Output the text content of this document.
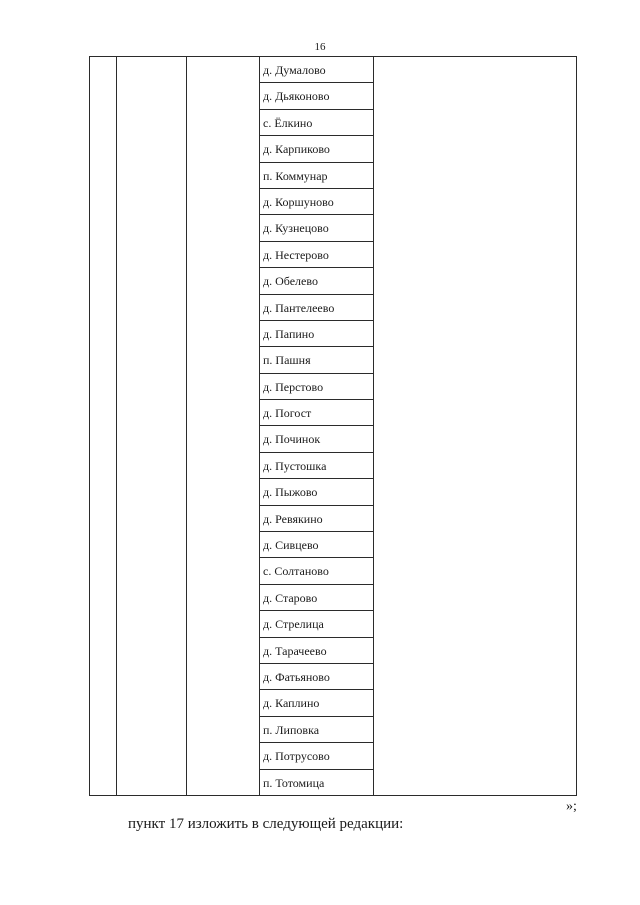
16
д. Думалово
д. Дьяконово
с. Ёлкино
д. Карпиково
п. Коммунар
д. Коршуново
д. Кузнецово
д. Нестерово
д. Обелево
д. Пантелеево
д. Папино
п. Пашня
д. Перстово
д. Погост
д. Починок
д. Пустошка
д. Пыжово
д. Ревякино
д. Сивцево
с. Солтаново
д. Старово
д. Стрелица
д. Тарачеево
д. Фатьяново
д. Каплино
п. Липовка
д. Потрусово
п. Тотомица
»;
пункт 17 изложить в следующей редакции:
